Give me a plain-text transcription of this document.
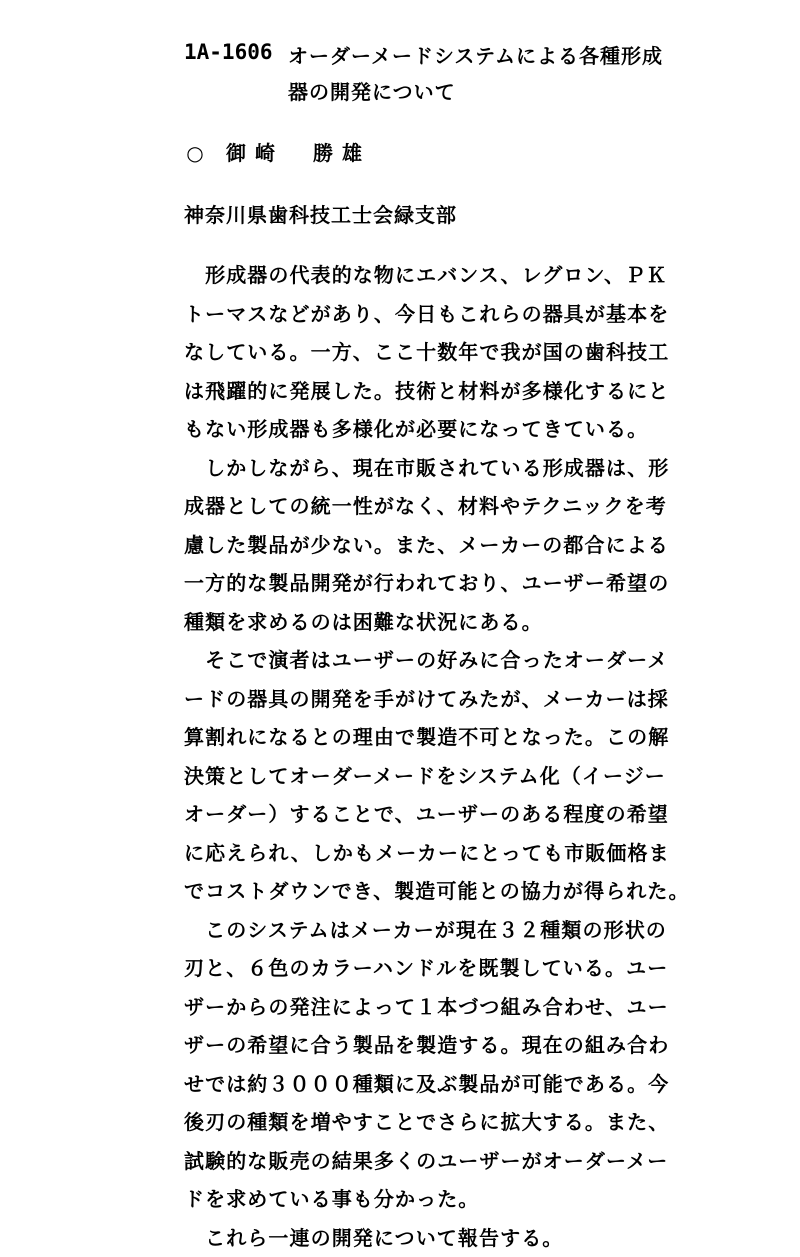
1A-1606 オーダーメードシステムによる各種形成
器の開発について
○ 御崎　勝雄
神奈川県歯科技工士会緑支部
　形成器の代表的な物にエバンス、レグロン、ＰＫ
トーマスなどがあり、今日もこれらの器具が基本を
なしている。一方、ここ十数年で我が国の歯科技工
は飛躍的に発展した。技術と材料が多様化するにと
もない形成器も多様化が必要になってきている。
　しかしながら、現在市販されている形成器は、形
成器としての統一性がなく、材料やテクニックを考
慮した製品が少ない。また、メーカーの都合による
一方的な製品開発が行われており、ユーザー希望の
種類を求めるのは困難な状況にある。
　そこで演者はユーザーの好みに合ったオーダーメ
ードの器具の開発を手がけてみたが、メーカーは採
算割れになるとの理由で製造不可となった。この解
決策としてオーダーメードをシステム化（イージー
オーダー）することで、ユーザーのある程度の希望
に応えられ、しかもメーカーにとっても市販価格ま
でコストダウンでき、製造可能との協力が得られた。
　このシステムはメーカーが現在３２種類の形状の
刃と、６色のカラーハンドルを既製している。ユー
ザーからの発注によって１本づつ組み合わせ、ユー
ザーの希望に合う製品を製造する。現在の組み合わ
せでは約３０００種類に及ぶ製品が可能である。今
後刃の種類を増やすことでさらに拡大する。また、
試験的な販売の結果多くのユーザーがオーダーメー
ドを求めている事も分かった。
　これら一連の開発について報告する。
